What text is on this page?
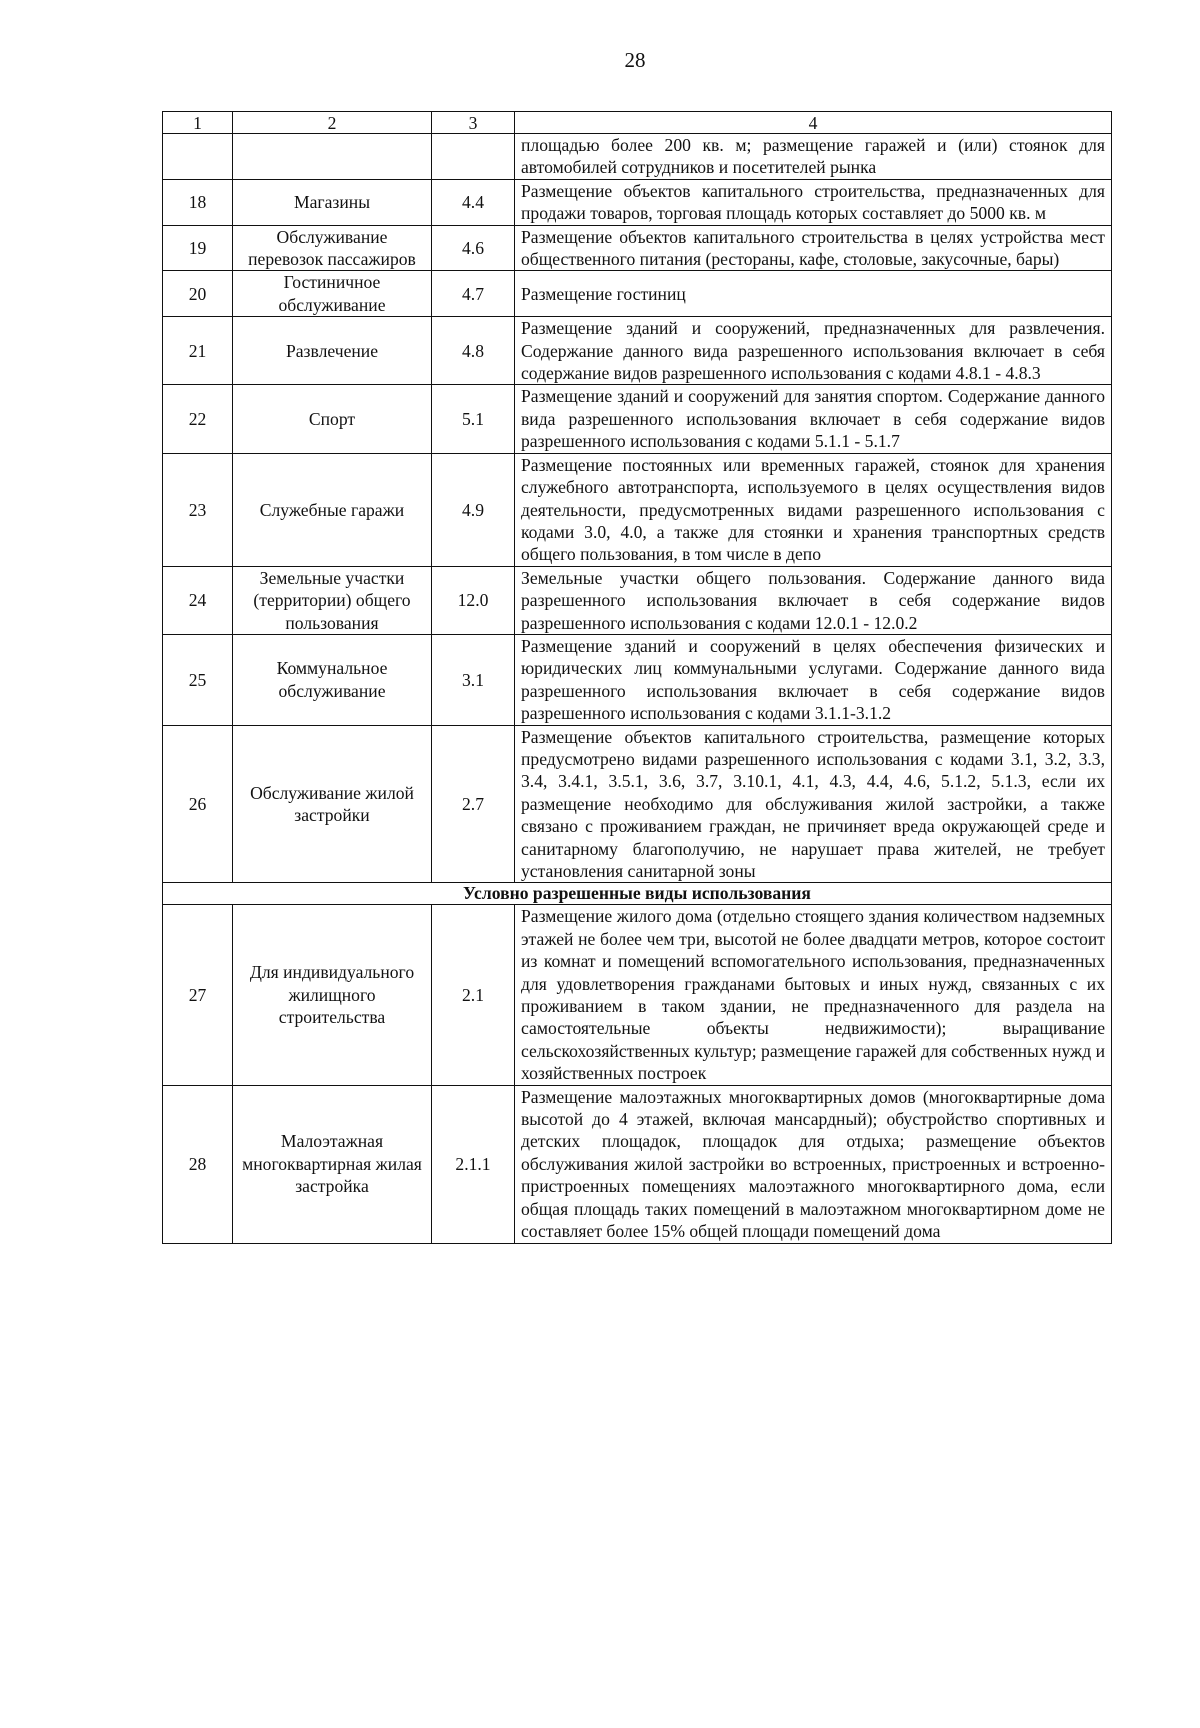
28
1	2	3	4
			площадью более 200 кв. м; размещение гаражей и (или) стоянок для автомобилей сотрудников и посетителей рынка
18	Магазины	4.4	Размещение объектов капитального строительства, предназначенных для продажи товаров, торговая площадь которых составляет до 5000 кв. м
19	Обслуживание перевозок пассажиров	4.6	Размещение объектов капитального строительства в целях устройства мест общественного питания (рестораны, кафе, столовые, закусочные, бары)
20	Гостиничное обслуживание	4.7	Размещение гостиниц
21	Развлечение	4.8	Размещение зданий и сооружений, предназначенных для развлечения. Содержание данного вида разрешенного использования включает в себя содержание видов разрешенного использования с кодами 4.8.1 - 4.8.3
22	Спорт	5.1	Размещение зданий и сооружений для занятия спортом. Содержание данного вида разрешенного использования включает в себя содержание видов разрешенного использования с кодами 5.1.1 - 5.1.7
23	Служебные гаражи	4.9	Размещение постоянных или временных гаражей, стоянок для хранения служебного автотранспорта, используемого в целях осуществления видов деятельности, предусмотренных видами разрешенного использования с кодами 3.0, 4.0, а также для стоянки и хранения транспортных средств общего пользования, в том числе в депо
24	Земельные участки (территории) общего пользования	12.0	Земельные участки общего пользования. Содержание данного вида разрешенного использования включает в себя содержание видов разрешенного использования с кодами 12.0.1 - 12.0.2
25	Коммунальное обслуживание	3.1	Размещение зданий и сооружений в целях обеспечения физических и юридических лиц коммунальными услугами. Содержание данного вида разрешенного использования включает в себя содержание видов разрешенного использования с кодами 3.1.1-3.1.2
26	Обслуживание жилой застройки	2.7	Размещение объектов капитального строительства, размещение которых предусмотрено видами разрешенного использования с кодами 3.1, 3.2, 3.3, 3.4, 3.4.1, 3.5.1, 3.6, 3.7, 3.10.1, 4.1, 4.3, 4.4, 4.6, 5.1.2, 5.1.3, если их размещение необходимо для обслуживания жилой застройки, а также связано с проживанием граждан, не причиняет вреда окружающей среде и санитарному благополучию, не нарушает права жителей, не требует установления санитарной зоны
Условно разрешенные виды использования			
27	Для индивидуального жилищного строительства	2.1	Размещение жилого дома (отдельно стоящего здания количеством надземных этажей не более чем три, высотой не более двадцати метров, которое состоит из комнат и помещений вспомогательного использования, предназначенных для удовлетворения гражданами бытовых и иных нужд, связанных с их проживанием в таком здании, не предназначенного для раздела на самостоятельные объекты недвижимости); выращивание сельскохозяйственных культур; размещение гаражей для собственных нужд и хозяйственных построек
28	Малоэтажная многоквартирная жилая застройка	2.1.1	Размещение малоэтажных многоквартирных домов (многоквартирные дома высотой до 4 этажей, включая мансардный); обустройство спортивных и детских площадок, площадок для отдыха; размещение объектов обслуживания жилой застройки во встроенных, пристроенных и встроенно-пристроенных помещениях малоэтажного многоквартирного дома, если общая площадь таких помещений в малоэтажном многоквартирном доме не составляет более 15% общей площади помещений дома
